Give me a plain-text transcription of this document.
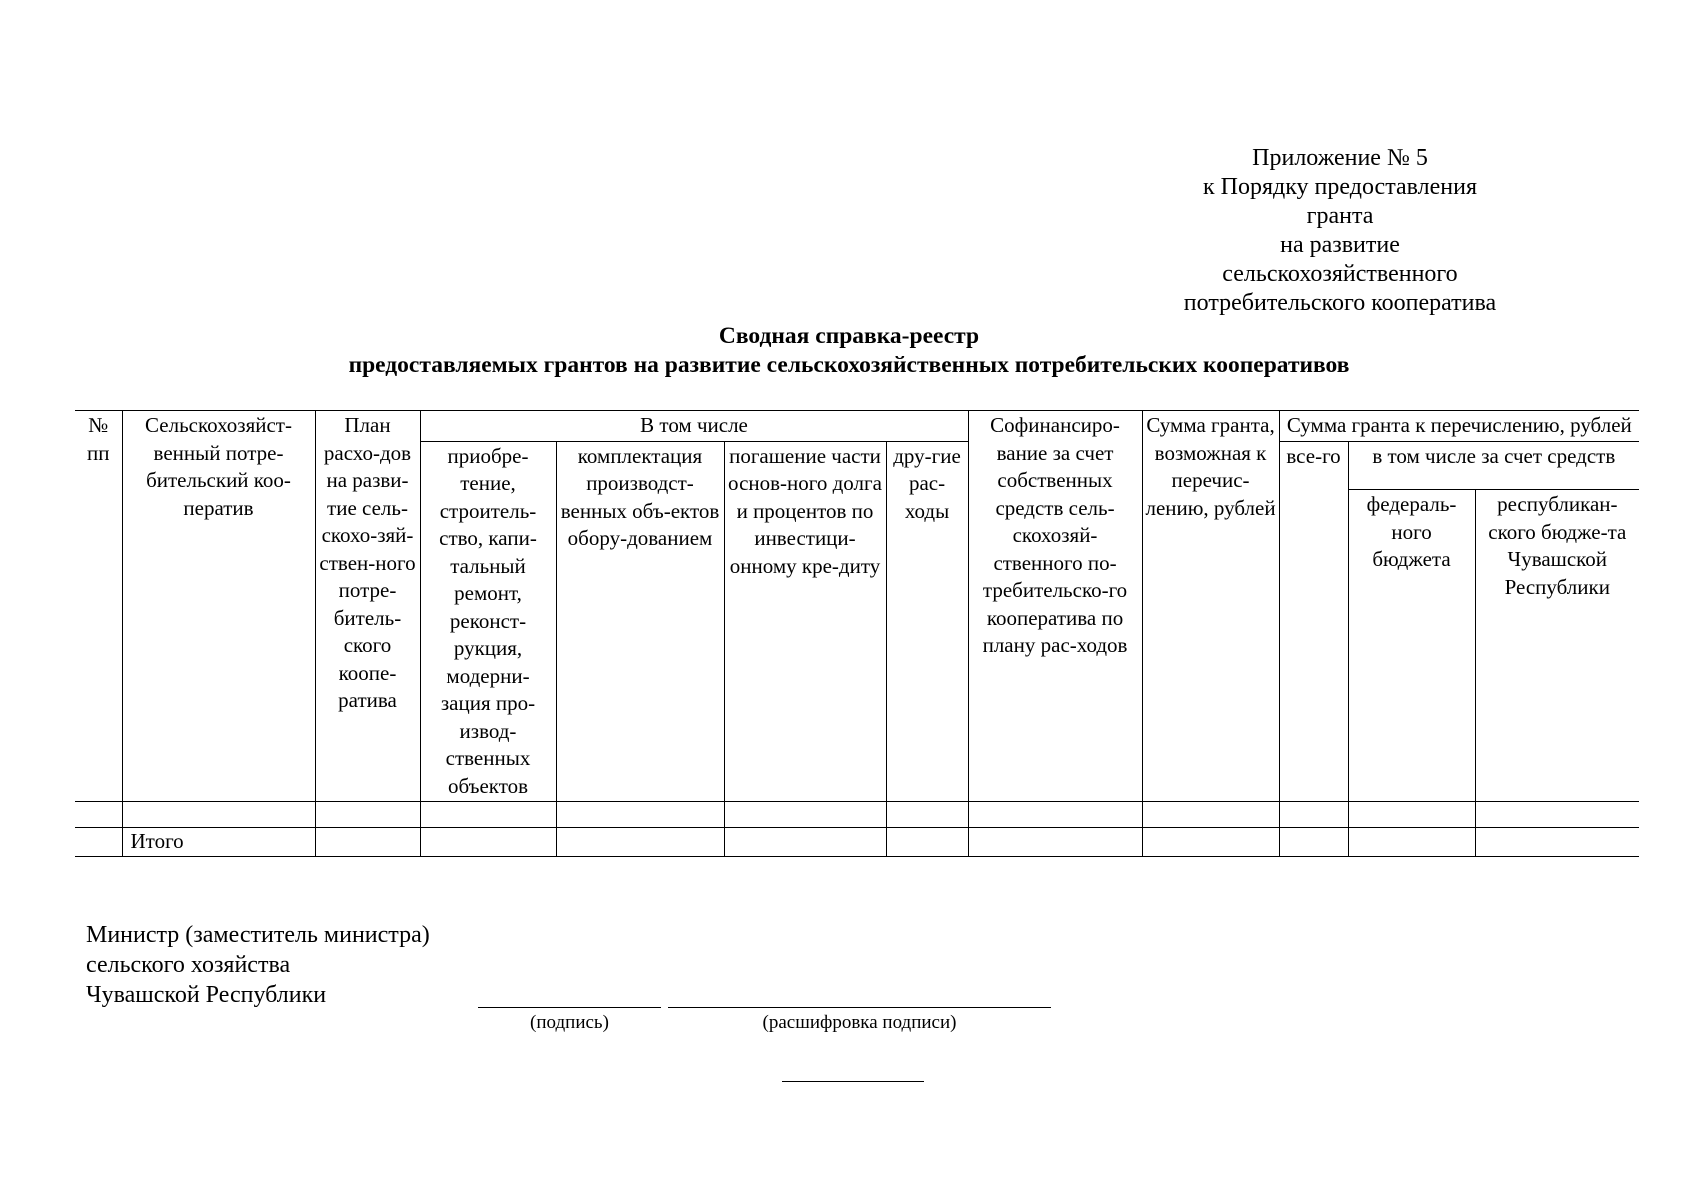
Приложение № 5
к Порядку предоставления гранта
на развитие сельскохозяйственного
потребительского кооператива
Сводная справка-реестр
предоставляемых грантов на развитие сельскохозяйственных потребительских кооперативов
№ пп	Сельскохозяйст-венный потре-бительский коо-ператив	План расхо-дов на разви-тие сель-скохо-зяй-ствен-ного потре-битель-ского коопе-ратива	В том числе				Софинансиро-вание за счет собственных средств сель-скохозяй-ственного по-требительско-го кооператива по плану рас-ходов	Сумма гранта, возможная к перечис-лению, рублей	Сумма гранта к перечислению, рублей		
			приобре-тение, строитель-ство, капи-тальный ремонт, реконст-рукция, модерни-зация про-извод-ственных объектов	комплектация производст-венных объ-ектов обору-дованием	погашение части основ-ного долга и процентов по инвестици-онному кре-диту	дру-гие рас-ходы			все-го	в том числе за счет средств	
										федераль-ного бюджета	республикан-ского бюдже-та Чувашской Республики

	Итого										
Министр (заместитель министра)
сельского хозяйства
Чувашской Республики
(подпись)	(расшифровка подписи)
